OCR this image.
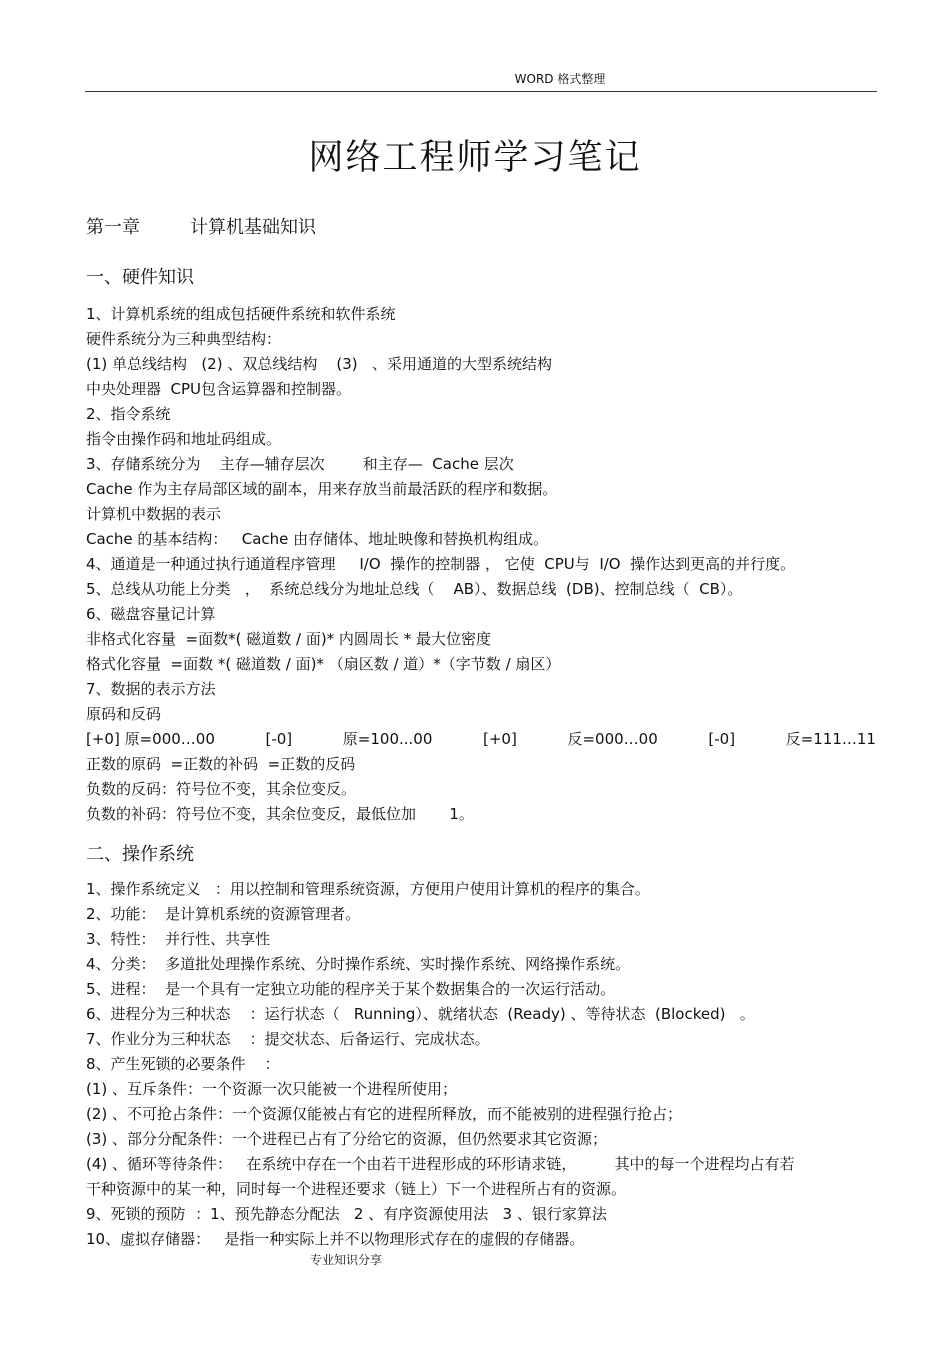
WORD 格式整理
网络工程师学习笔记
第一章	计算机基础知识
一、硬件知识
1、计算机系统的组成包括硬件系统和软件系统
硬件系统分为三种典型结构：
(1) 单总线结构   (2) 、双总线结构    (3)   、采用通道的大型系统结构
中央处理器  CPU包含运算器和控制器。
2、指令系统
指令由操作码和地址码组成。
3、存储系统分为    主存—辅存层次        和主存—  Cache 层次
Cache 作为主存局部区域的副本，用来存放当前最活跃的程序和数据。
计算机中数据的表示
Cache 的基本结构：   Cache 由存储体、地址映像和替换机构组成。
4、通道是一种通过执行通道程序管理     I/O  操作的控制器 ， 它使  CPU与  I/O  操作达到更高的并行度。
5、总线从功能上分类   ，  系统总线分为地址总线（    AB）、数据总线  (DB)、控制总线（  CB）。
6、磁盘容量记计算
非格式化容量  =面数*( 磁道数 / 面)* 内圆周长 * 最大位密度
格式化容量  =面数 *( 磁道数 / 面)* （扇区数 / 道）*（字节数 / 扇区）
7、数据的表示方法
原码和反码
[+0] 原=000…00	[-0]	原=100...00	[+0]	反=000…00	[-0]	反=111…11
正数的原码  =正数的补码  =正数的反码
负数的反码：符号位不变，其余位变反。
负数的补码：符号位不变，其余位变反，最低位加       1。
二、操作系统
1、操作系统定义   ：用以控制和管理系统资源，方便用户使用计算机的程序的集合。
2、功能：  是计算机系统的资源管理者。
3、特性：  并行性、共享性
4、分类：  多道批处理操作系统、分时操作系统、实时操作系统、网络操作系统。
5、进程：  是一个具有一定独立功能的程序关于某个数据集合的一次运行活动。
6、进程分为三种状态    ：运行状态（   Running）、就绪状态  (Ready) 、等待状态  (Blocked)   。
7、作业分为三种状态    ：提交状态、后备运行、完成状态。
8、产生死锁的必要条件    ：
(1) 、互斥条件：一个资源一次只能被一个进程所使用；
(2) 、不可抢占条件：一个资源仅能被占有它的进程所释放，而不能被别的进程强行抢占；
(3) 、部分分配条件：一个进程已占有了分给它的资源，但仍然要求其它资源；
(4) 、循环等待条件：   在系统中存在一个由若干进程形成的环形请求链，        其中的每一个进程均占有若
干种资源中的某一种，同时每一个进程还要求（链上）下一个进程所占有的资源。
9、死锁的预防  ：1、预先静态分配法   2 、有序资源使用法   3 、银行家算法
10、虚拟存储器：   是指一种实际上并不以物理形式存在的虚假的存储器。
专业知识分享
